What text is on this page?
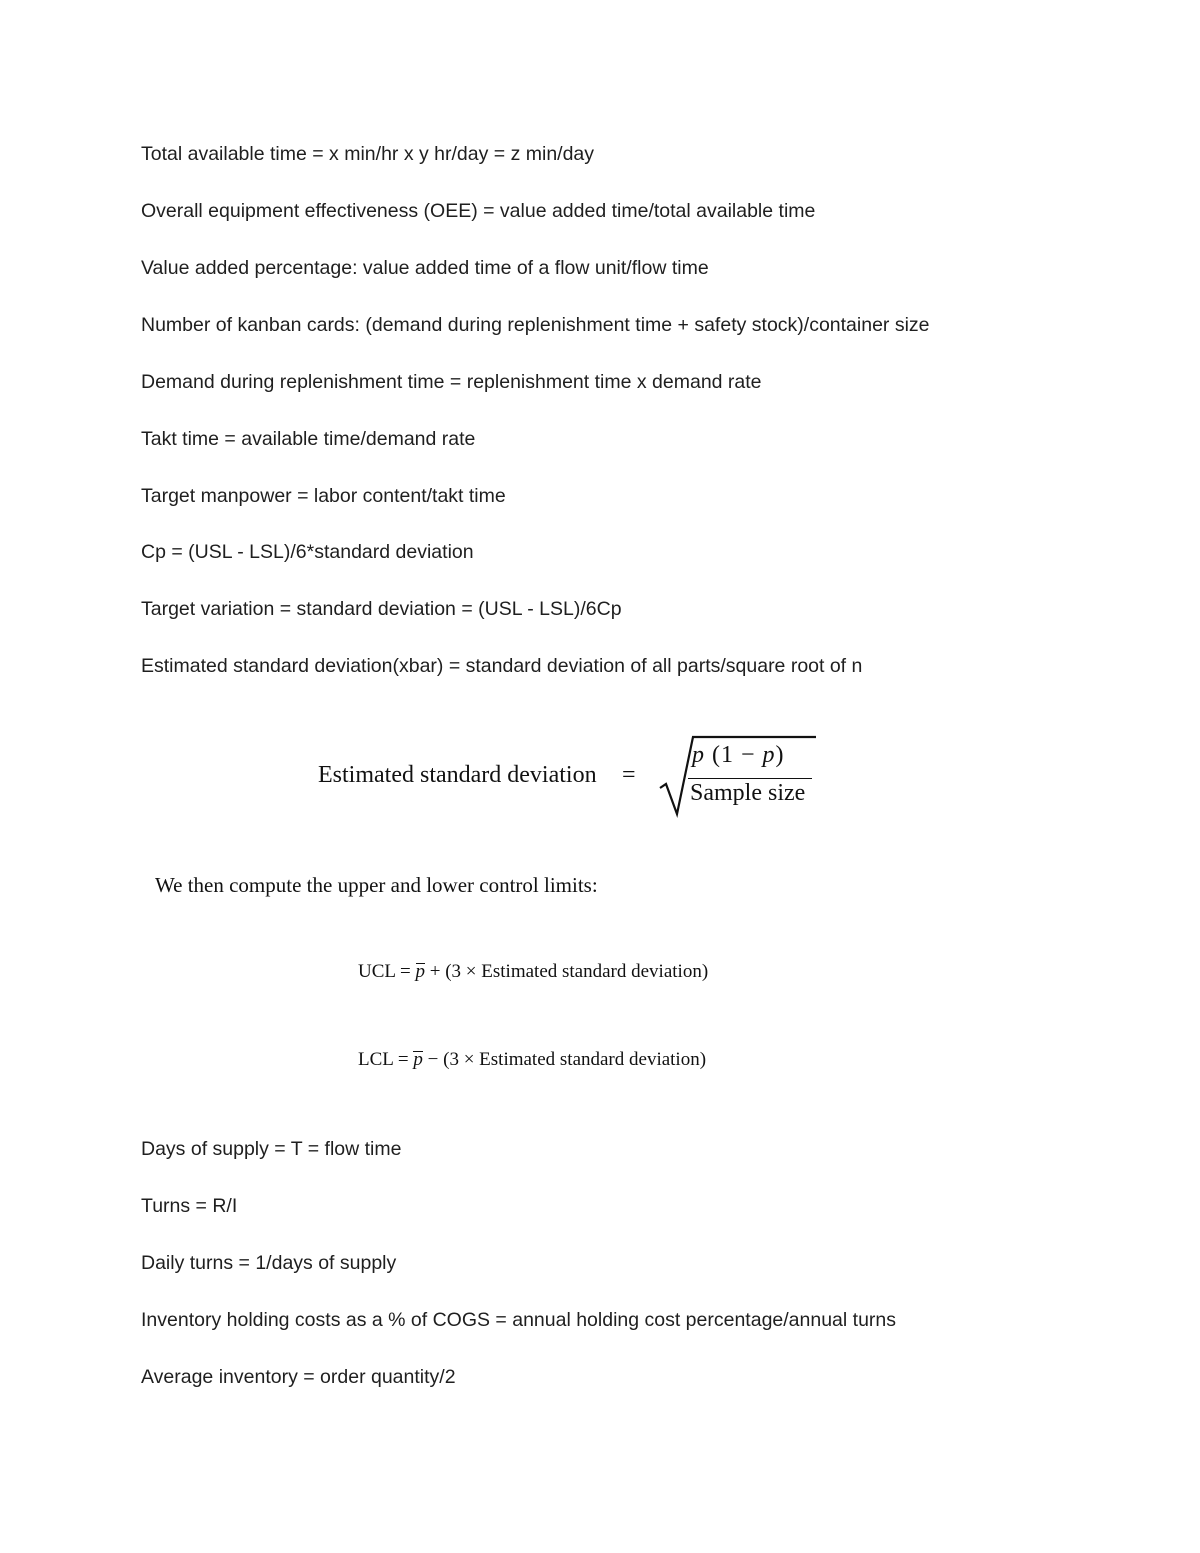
Total available time = x min/hr x y hr/day = z min/day
Overall equipment effectiveness (OEE) = value added time/total available time
Value added percentage: value added time of a flow unit/flow time
Number of kanban cards: (demand during replenishment time + safety stock)/container size
Demand during replenishment time = replenishment time x demand rate
Takt time = available time/demand rate
Target manpower = labor content/takt time
Cp = (USL - LSL)/6*standard deviation
Target variation = standard deviation = (USL - LSL)/6Cp
Estimated standard deviation(xbar) = standard deviation of all parts/square root of n
Estimated standard deviation =
p (1 − p)
Sample size
We then compute the upper and lower control limits:
UCL = p + (3 × Estimated standard deviation)
LCL = p − (3 × Estimated standard deviation)
Days of supply = T = flow time
Turns = R/I
Daily turns = 1/days of supply
Inventory holding costs as a % of COGS = annual holding cost percentage/annual turns
Average inventory = order quantity/2
